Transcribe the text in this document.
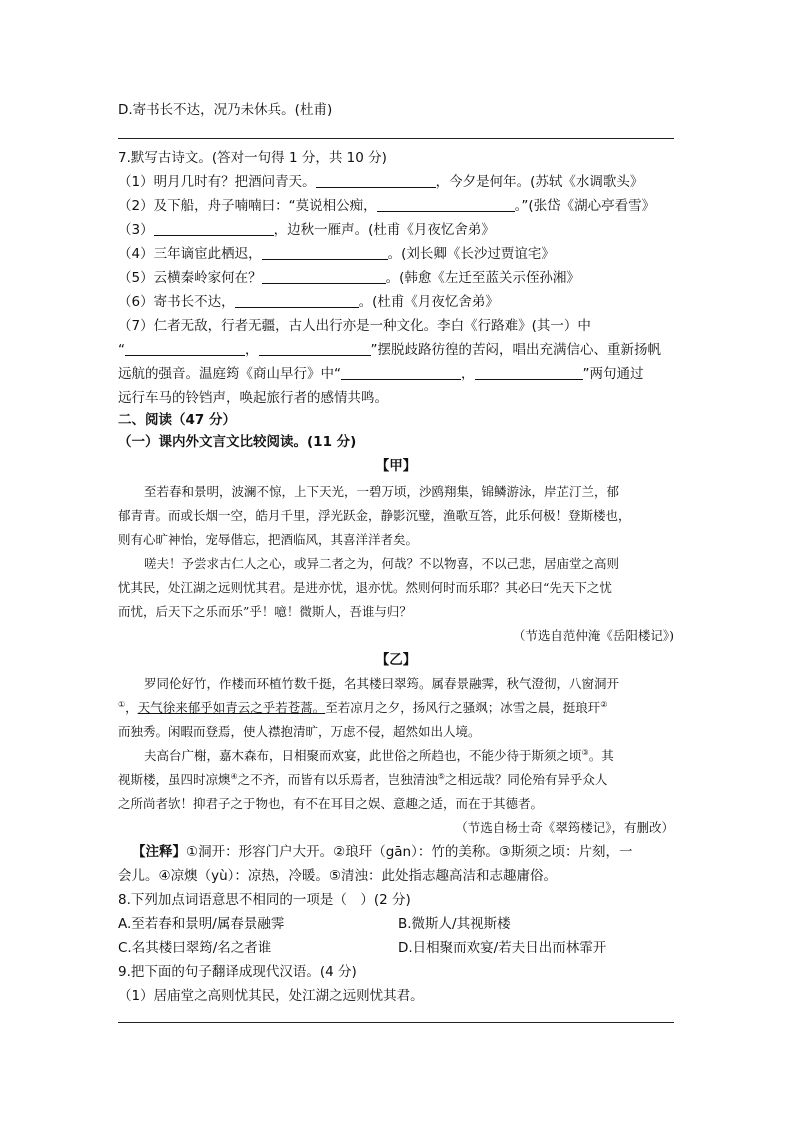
D.寄书长不达，况乃未休兵。(杜甫)
7.默写古诗文。(答对一句得 1 分，共 10 分)
（1）明月几时有？把酒问青天。	，今夕是何年。(苏轼《水调歌头》
（2）及下船，舟子喃喃曰：“莫说相公痴，	。”(张岱《湖心亭看雪》
（3）	，边秋一雁声。(杜甫《月夜忆舍弟》
（4）三年谪宦此栖迟，	。(刘长卿《长沙过贾谊宅》
（5）云横秦岭家何在？	。(韩愈《左迁至蓝关示侄孙湘》
（6）寄书长不达，	。(杜甫《月夜忆舍弟》
（7）仁者无敌，行者无疆，古人出行亦是一种文化。李白《行路难》(其一）中
“	，	”摆脱歧路彷徨的苦闷，唱出充满信心、重新扬帆
远航的强音。温庭筠《商山早行》中“	，	”两句通过
远行车马的铃铛声，唤起旅行者的感情共鸣。
二、阅读（47 分）
（一）课内外文言文比较阅读。(11 分)
【甲】
至若春和景明，波澜不惊，上下天光，一碧万顷，沙鸥翔集，锦鳞游泳，岸芷汀兰，郁
郁青青。而或长烟一空，皓月千里，浮光跃金，静影沉璧，渔歌互答，此乐何极！登斯楼也，
则有心旷神怡，宠辱偕忘，把酒临风，其喜洋洋者矣。
嗟夫！予尝求古仁人之心，或异二者之为，何哉？不以物喜，不以己悲，居庙堂之高则
忧其民，处江湖之远则忧其君。是进亦忧，退亦忧。然则何时而乐耶？其必曰“先天下之忧
而忧，后天下之乐而乐”乎！噫！微斯人，吾谁与归？
（节选自范仲淹《岳阳楼记》)
【乙】
罗同伦好竹，作楼而环植竹数千挺，名其楼曰翠筠。属春景融霁，秋气澄彻，八窗洞开
①，天气徐来郁乎如青云之乎若苍蒿。至若凉月之夕，扬风行之骚飒；冰雪之晨，挺琅玕②
而独秀。闲暇而登焉，使人襟抱清旷，万虑不侵，超然如出人境。
夫高台广榭，嘉木森布，日相聚而欢宴，此世俗之所趋也，不能少待于斯须之顷③。其
视斯楼，虽四时凉燠④之不齐，而皆有以乐焉者，岂独清浊⑤之相远哉？同伦殆有异乎众人
之所尚者欤！抑君子之于物也，有不在耳目之娱、意趣之适，而在于其德者。
（节选自杨士奇《翠筠楼记》，有删改）
【注释】①洞开：形容门户大开。②琅玕（gān）：竹的美称。③斯须之顷：片刻，一
会儿。④凉燠（yù）：凉热，冷暖。⑤清浊：此处指志趣高洁和志趣庸俗。
8.下列加点词语意思不相同的一项是（　）(2 分)
A.至若春和景明/属春景融霁	B.微斯人/其视斯楼
C.名其楼曰翠筠/名之者谁	D.日相聚而欢宴/若夫日出而林霏开
9.把下面的句子翻译成现代汉语。(4 分)
（1）居庙堂之高则忧其民，处江湖之远则忧其君。
